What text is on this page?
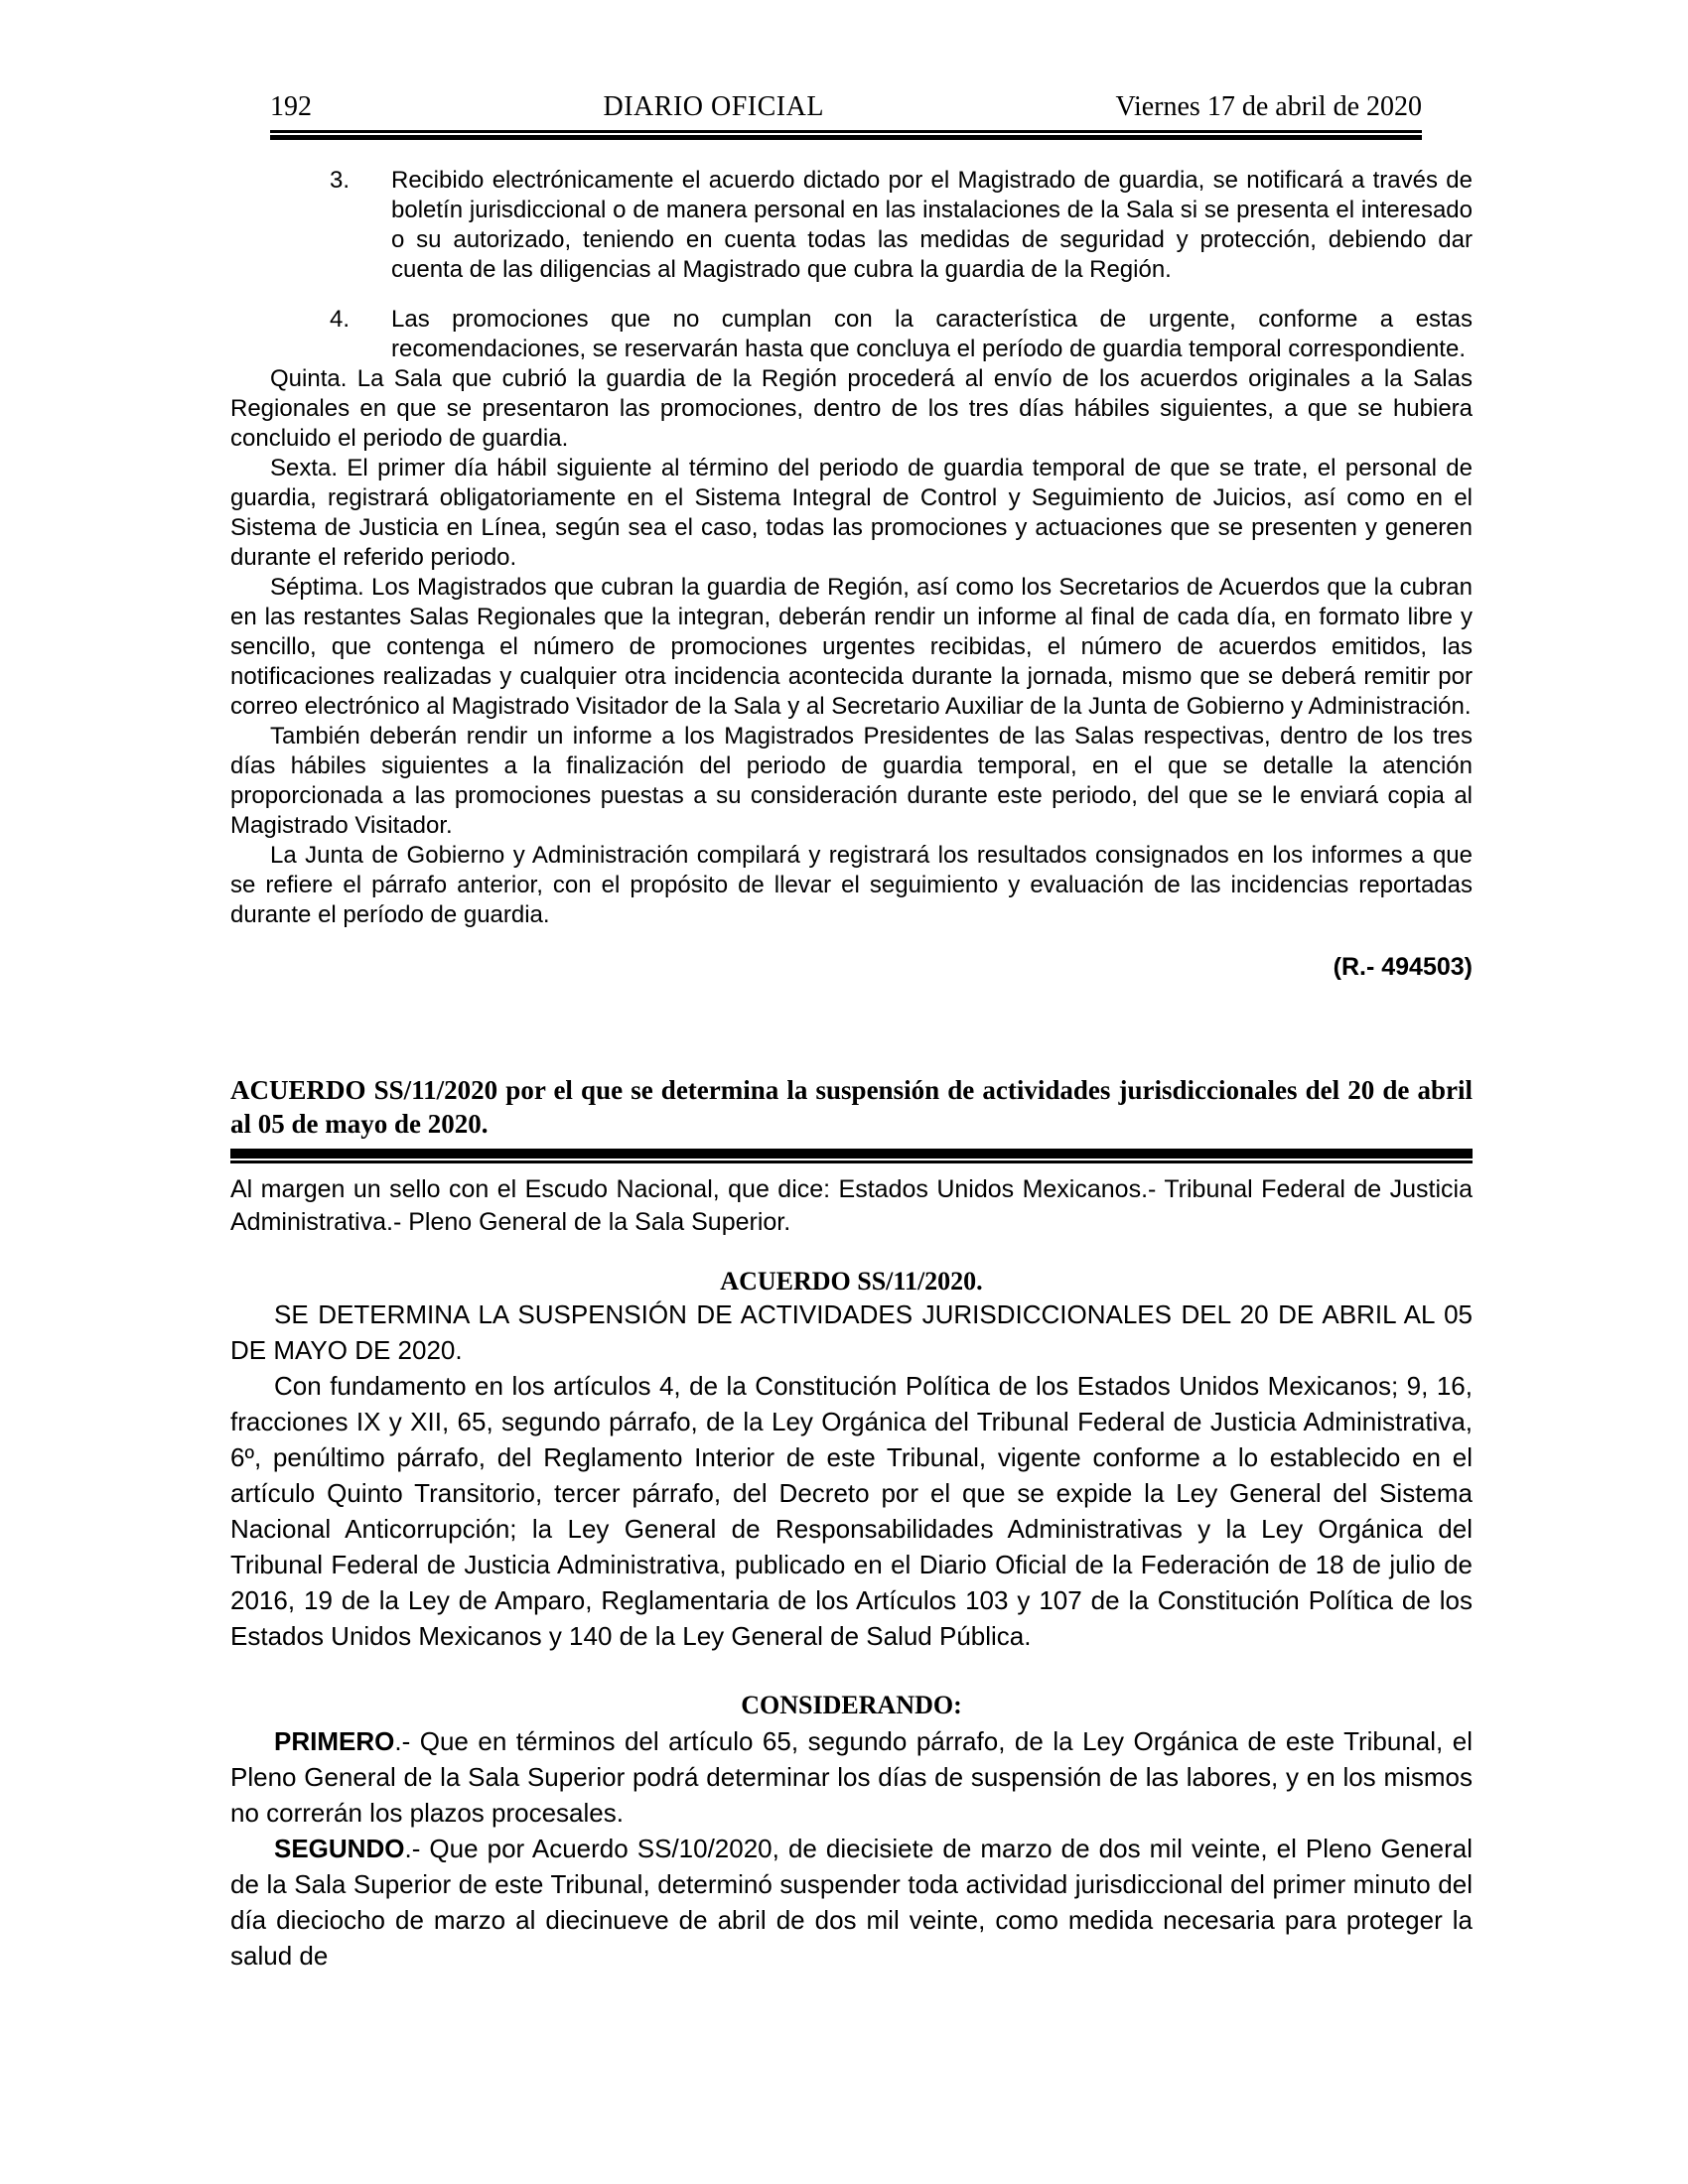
192	DIARIO OFICIAL	Viernes 17 de abril de 2020
3. Recibido electrónicamente el acuerdo dictado por el Magistrado de guardia, se notificará a través de boletín jurisdiccional o de manera personal en las instalaciones de la Sala si se presenta el interesado o su autorizado, teniendo en cuenta todas las medidas de seguridad y protección, debiendo dar cuenta de las diligencias al Magistrado que cubra la guardia de la Región.
4. Las promociones que no cumplan con la característica de urgente, conforme a estas recomendaciones, se reservarán hasta que concluya el período de guardia temporal correspondiente.

Quinta. La Sala que cubrió la guardia de la Región procederá al envío de los acuerdos originales a la Salas Regionales en que se presentaron las promociones, dentro de los tres días hábiles siguientes, a que se hubiera concluido el periodo de guardia.

Sexta. El primer día hábil siguiente al término del periodo de guardia temporal de que se trate, el personal de guardia, registrará obligatoriamente en el Sistema Integral de Control y Seguimiento de Juicios, así como en el Sistema de Justicia en Línea, según sea el caso, todas las promociones y actuaciones que se presenten y generen durante el referido periodo.

Séptima. Los Magistrados que cubran la guardia de Región, así como los Secretarios de Acuerdos que la cubran en las restantes Salas Regionales que la integran, deberán rendir un informe al final de cada día, en formato libre y sencillo, que contenga el número de promociones urgentes recibidas, el número de acuerdos emitidos, las notificaciones realizadas y cualquier otra incidencia acontecida durante la jornada, mismo que se deberá remitir por correo electrónico al Magistrado Visitador de la Sala y al Secretario Auxiliar de la Junta de Gobierno y Administración.

También deberán rendir un informe a los Magistrados Presidentes de las Salas respectivas, dentro de los tres días hábiles siguientes a la finalización del periodo de guardia temporal, en el que se detalle la atención proporcionada a las promociones puestas a su consideración durante este periodo, del que se le enviará copia al Magistrado Visitador.

La Junta de Gobierno y Administración compilará y registrará los resultados consignados en los informes a que se refiere el párrafo anterior, con el propósito de llevar el seguimiento y evaluación de las incidencias reportadas durante el período de guardia.

(R.- 494503)
ACUERDO SS/11/2020 por el que se determina la suspensión de actividades jurisdiccionales del 20 de abril al 05 de mayo de 2020.

Al margen un sello con el Escudo Nacional, que dice: Estados Unidos Mexicanos.- Tribunal Federal de Justicia Administrativa.- Pleno General de la Sala Superior.

ACUERDO SS/11/2020.

SE DETERMINA LA SUSPENSIÓN DE ACTIVIDADES JURISDICCIONALES DEL 20 DE ABRIL AL 05 DE MAYO DE 2020.

Con fundamento en los artículos 4, de la Constitución Política de los Estados Unidos Mexicanos; 9, 16, fracciones IX y XII, 65, segundo párrafo, de la Ley Orgánica del Tribunal Federal de Justicia Administrativa, 6º, penúltimo párrafo, del Reglamento Interior de este Tribunal, vigente conforme a lo establecido en el artículo Quinto Transitorio, tercer párrafo, del Decreto por el que se expide la Ley General del Sistema Nacional Anticorrupción; la Ley General de Responsabilidades Administrativas y la Ley Orgánica del Tribunal Federal de Justicia Administrativa, publicado en el Diario Oficial de la Federación de 18 de julio de 2016, 19 de la Ley de Amparo, Reglamentaria de los Artículos 103 y 107 de la Constitución Política de los Estados Unidos Mexicanos y 140 de la Ley General de Salud Pública.

CONSIDERANDO:

PRIMERO.- Que en términos del artículo 65, segundo párrafo, de la Ley Orgánica de este Tribunal, el Pleno General de la Sala Superior podrá determinar los días de suspensión de las labores, y en los mismos no correrán los plazos procesales.

SEGUNDO.- Que por Acuerdo SS/10/2020, de diecisiete de marzo de dos mil veinte, el Pleno General de la Sala Superior de este Tribunal, determinó suspender toda actividad jurisdiccional del primer minuto del día dieciocho de marzo al diecinueve de abril de dos mil veinte, como medida necesaria para proteger la salud de
